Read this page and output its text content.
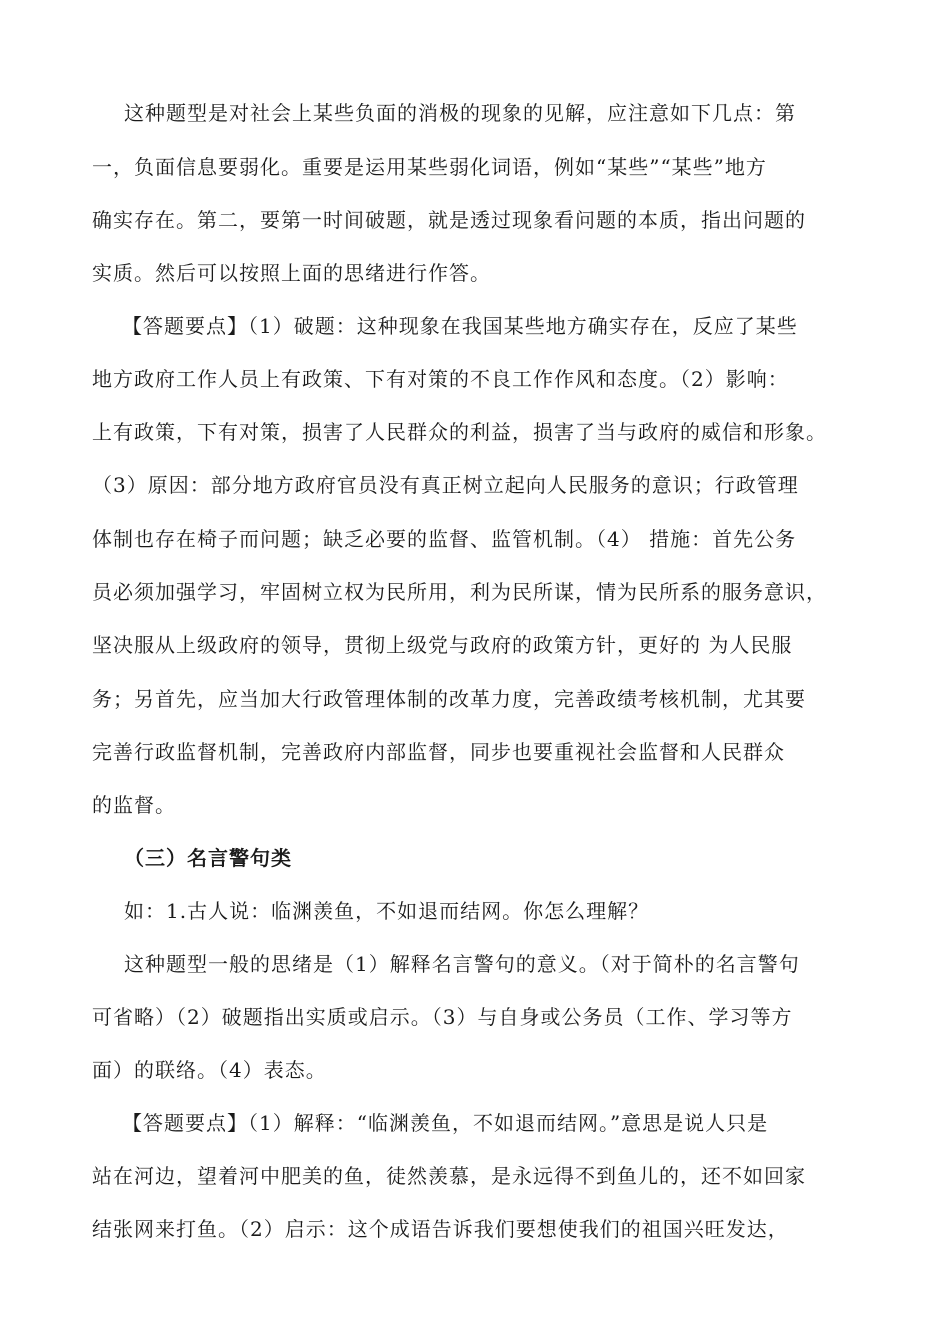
这种题型是对社会上某些负面的消极的现象的见解，应注意如下几点：第
一，负面信息要弱化。重要是运用某些弱化词语，例如“某些”“某些”地方
确实存在。第二，要第一时间破题，就是透过现象看问题的本质，指出问题的
实质。然后可以按照上面的思绪进行作答。
【答题要点】（1）破题：这种现象在我国某些地方确实存在，反应了某些
地方政府工作人员上有政策、下有对策的不良工作作风和态度。（2）影响：
上有政策，下有对策，损害了人民群众的利益，损害了当与政府的威信和形象。
（3）原因：部分地方政府官员没有真正树立起向人民服务的意识；行政管理
体制也存在椅子而问题；缺乏必要的监督、监管机制。（4） 措施：首先公务
员必须加强学习，牢固树立权为民所用，利为民所谋，情为民所系的服务意识，
坚决服从上级政府的领导，贯彻上级党与政府的政策方针，更好的 为人民服
务；另首先，应当加大行政管理体制的改革力度，完善政绩考核机制，尤其要
完善行政监督机制，完善政府内部监督，同步也要重视社会监督和人民群众
的监督。
（三）名言警句类
如：1.古人说：临渊羡鱼，不如退而结网。你怎么理解？
这种题型一般的思绪是（1）解释名言警句的意义。（对于简朴的名言警句
可省略）（2）破题指出实质或启示。（3）与自身或公务员（工作、学习等方
面）的联络。（4）表态。
【答题要点】（1）解释：“临渊羡鱼，不如退而结网。”意思是说人只是
站在河边，望着河中肥美的鱼，徒然羡慕，是永远得不到鱼儿的，还不如回家
结张网来打鱼。（2）启示：这个成语告诉我们要想使我们的祖国兴旺发达，
